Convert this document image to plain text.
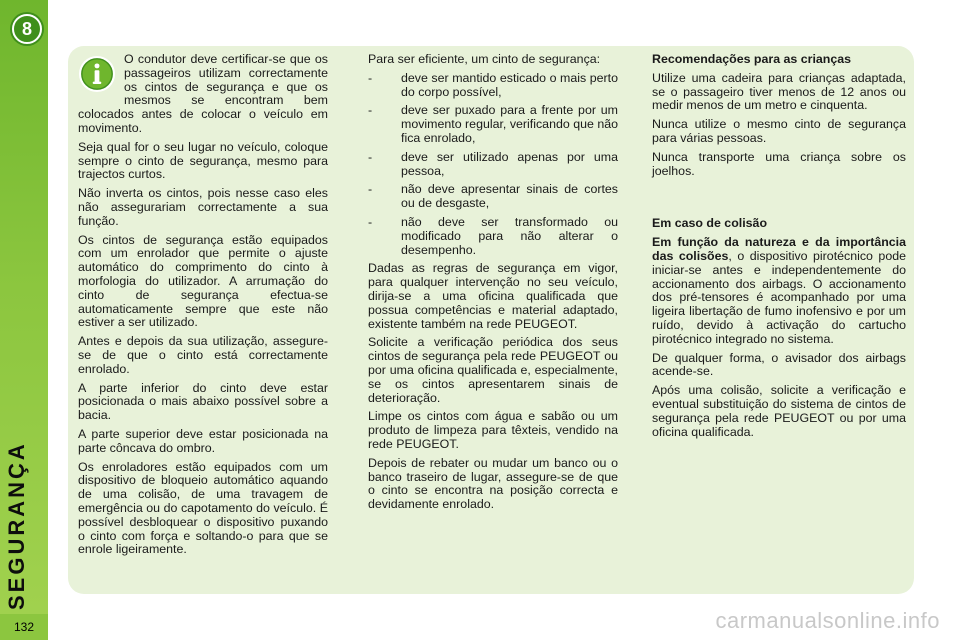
8
SEGURANÇA
132

O condutor deve certificar-se que os passageiros utilizam correctamente os cintos de segurança e que os mesmos se encontram bem colocados antes de colocar o veículo em movimento.

Seja qual for o seu lugar no veículo, coloque sempre o cinto de segurança, mesmo para trajectos curtos.

Não inverta os cintos, pois nesse caso eles não assegurariam correctamente a sua função.

Os cintos de segurança estão equipados com um enrolador que permite o ajuste automático do comprimento do cinto à morfologia do utilizador. A arrumação do cinto de segurança efectua-se automaticamente sempre que este não estiver a ser utilizado.

Antes e depois da sua utilização, assegure-se de que o cinto está correctamente enrolado.

A parte inferior do cinto deve estar posicionada o mais abaixo possível sobre a bacia.

A parte superior deve estar posicionada na parte côncava do ombro.

Os enroladores estão equipados com um dispositivo de bloqueio automático aquando de uma colisão, de uma travagem de emergência ou do capotamento do veículo. É possível desbloquear o dispositivo puxando o cinto com força e soltando-o para que se enrole ligeiramente.

Para ser eficiente, um cinto de segurança:

- deve ser mantido esticado o mais perto do corpo possível,
- deve ser puxado para a frente por um movimento regular, verificando que não fica enrolado,
- deve ser utilizado apenas por uma pessoa,
- não deve apresentar sinais de cortes ou de desgaste,
- não deve ser transformado ou modificado para não alterar o desempenho.

Dadas as regras de segurança em vigor, para qualquer intervenção no seu veículo, dirija-se a uma oficina qualificada que possua competências e material adaptado, existente também na rede PEUGEOT.

Solicite a verificação periódica dos seus cintos de segurança pela rede PEUGEOT ou por uma oficina qualificada e, especialmente, se os cintos apresentarem sinais de deterioração.

Limpe os cintos com água e sabão ou um produto de limpeza para têxteis, vendido na rede PEUGEOT.

Depois de rebater ou mudar um banco ou o banco traseiro de lugar, assegure-se de que o cinto se encontra na posição correcta e devidamente enrolado.

Recomendações para as crianças

Utilize uma cadeira para crianças adaptada, se o passageiro tiver menos de 12 anos ou medir menos de um metro e cinquenta.

Nunca utilize o mesmo cinto de segurança para várias pessoas.

Nunca transporte uma criança sobre os joelhos.

Em caso de colisão

Em função da natureza e da importância das colisões, o dispositivo pirotécnico pode iniciar-se antes e independentemente do accionamento dos airbags. O accionamento dos pré-tensores é acompanhado por uma ligeira libertação de fumo inofensivo e por um ruído, devido à activação do cartucho pirotécnico integrado no sistema.

De qualquer forma, o avisador dos airbags acende-se.

Após uma colisão, solicite a verificação e eventual substituição do sistema de cintos de segurança pela rede PEUGEOT ou por uma oficina qualificada.

carmanualsonline.info
